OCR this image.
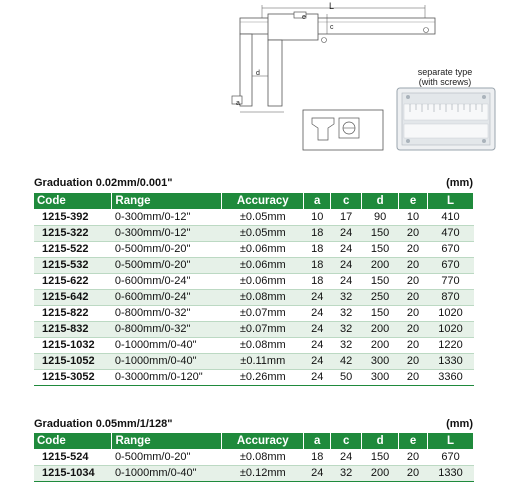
L
e
c
d
a
separate type
(with screws)
Graduation 0.02mm/0.001"	(mm)
Code	Range	Accuracy	a	c	d	e	L
1215-392	0-300mm/0-12"	±0.05mm	10	17	90	10	410
1215-322	0-300mm/0-12"	±0.05mm	18	24	150	20	470
1215-522	0-500mm/0-20"	±0.06mm	18	24	150	20	670
1215-532	0-500mm/0-20"	±0.06mm	18	24	200	20	670
1215-622	0-600mm/0-24"	±0.06mm	18	24	150	20	770
1215-642	0-600mm/0-24"	±0.08mm	24	32	250	20	870
1215-822	0-800mm/0-32"	±0.07mm	24	32	150	20	1020
1215-832	0-800mm/0-32"	±0.07mm	24	32	200	20	1020
1215-1032	0-1000mm/0-40"	±0.08mm	24	32	200	20	1220
1215-1052	0-1000mm/0-40"	±0.11mm	24	42	300	20	1330
1215-3052	0-3000mm/0-120"	±0.26mm	24	50	300	20	3360
Graduation 0.05mm/1/128"	(mm)
Code	Range	Accuracy	a	c	d	e	L
1215-524	0-500mm/0-20"	±0.08mm	18	24	150	20	670
1215-1034	0-1000mm/0-40"	±0.12mm	24	32	200	20	1330
